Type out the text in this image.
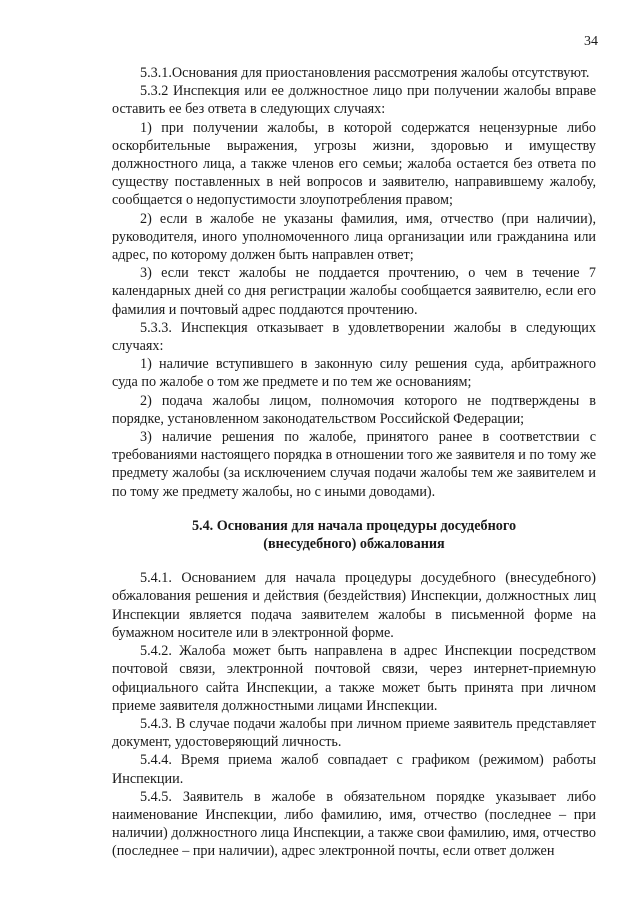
34

5.3.1.Основания для приостановления рассмотрения жалобы отсутствуют.

5.3.2 Инспекция или ее должностное лицо при получении жалобы вправе оставить ее без ответа в следующих случаях:

1) при получении жалобы, в которой содержатся нецензурные либо оскорбительные выражения, угрозы жизни, здоровью и имуществу должностного лица, а также членов его семьи; жалоба остается без ответа по существу поставленных в ней вопросов и заявителю, направившему жалобу, сообщается о недопустимости злоупотребления правом;

2) если в жалобе не указаны фамилия, имя, отчество (при наличии), руководителя, иного уполномоченного лица организации или гражданина или адрес, по которому должен быть направлен ответ;

3) если текст жалобы не поддается прочтению, о чем в течение 7 календарных дней со дня регистрации жалобы сообщается заявителю, если его фамилия и почтовый адрес поддаются прочтению.

5.3.3. Инспекция отказывает в удовлетворении жалобы в следующих случаях:

1) наличие вступившего в законную силу решения суда, арбитражного суда по жалобе о том же предмете и по тем же основаниям;

2) подача жалобы лицом, полномочия которого не подтверждены в порядке, установленном законодательством Российской Федерации;

3) наличие решения по жалобе, принятого ранее в соответствии с требованиями настоящего порядка в отношении того же заявителя и по тому же предмету жалобы (за исключением случая подачи жалобы тем же заявителем и по тому же предмету жалобы, но с иными доводами).

5.4. Основания для начала процедуры досудебного
(внесудебного) обжалования

5.4.1. Основанием для начала процедуры досудебного (внесудебного) обжалования решения и действия (бездействия) Инспекции, должностных лиц Инспекции является подача заявителем жалобы в письменной форме на бумажном носителе или в электронной форме.

5.4.2. Жалоба может быть направлена в адрес Инспекции посредством почтовой связи, электронной почтовой связи, через интернет-приемную официального сайта Инспекции, а также может быть принята при личном приеме заявителя должностными лицами Инспекции.

5.4.3. В случае подачи жалобы при личном приеме заявитель представляет документ, удостоверяющий личность.

5.4.4. Время приема жалоб совпадает с графиком (режимом) работы Инспекции.

5.4.5. Заявитель в жалобе в обязательном порядке указывает либо наименование Инспекции, либо фамилию, имя, отчество (последнее – при наличии) должностного лица Инспекции, а также свои фамилию, имя, отчество (последнее – при наличии), адрес электронной почты, если ответ должен
